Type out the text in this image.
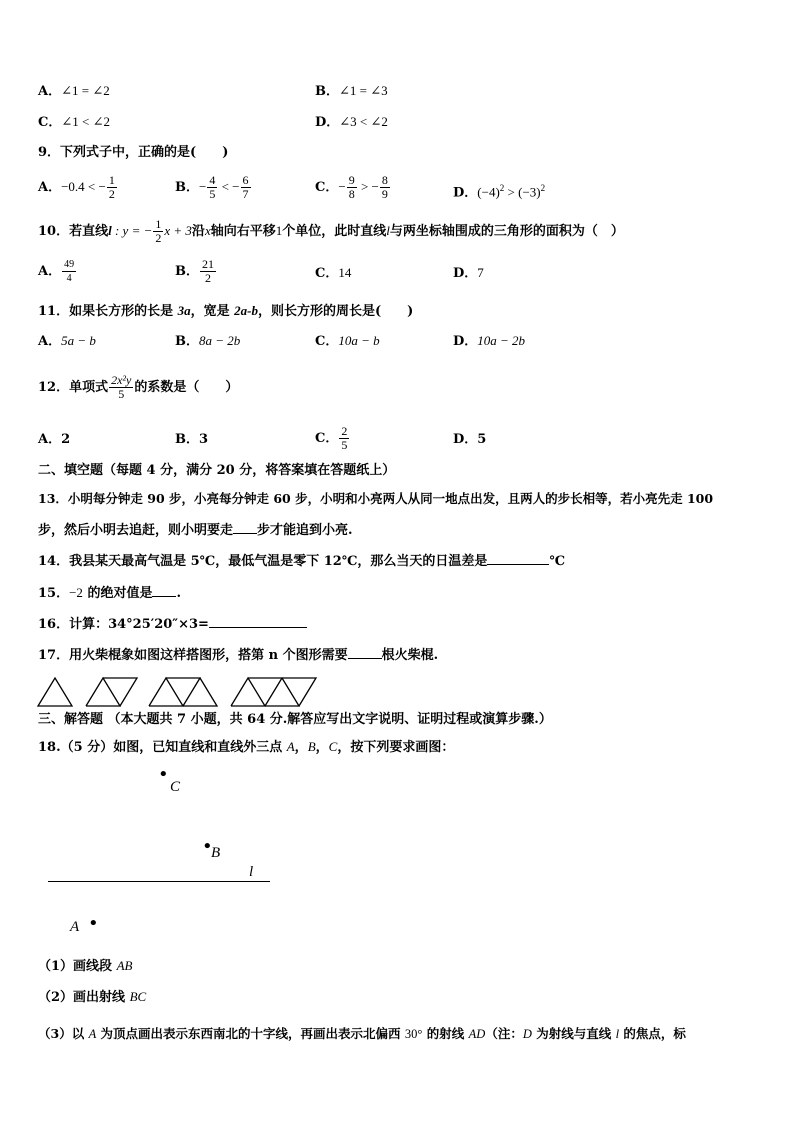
A．∠1 = ∠2	B．∠1 = ∠3
C．∠1 < ∠2	D．∠3 < ∠2
9．下列式子中，正确的是(　　)
A．−0.4 < − $\frac{1}{2}$	B．− $\frac{4}{5}$ < − $\frac{6}{7}$	C．− $\frac{9}{8}$ > − $\frac{8}{9}$	D．$(-4)^2 > (-3)^2$
10．若直线l : y = − $\frac{1}{2}$ x + 3沿x轴向右平移1个单位，此时直线l与两坐标轴围成的三角形的面积为（　）
A． $\frac{49}{4}$	B． $\frac{21}{2}$	C．14	D．7
11．如果长方形的长是 3a，宽是 2a-b，则长方形的周长是(　　)
A．5a − b	B．8a − 2b	C．10a − b	D．10a − 2b
12．单项式 $\frac{\text{2x²y}}{5}$ 的系数是（　　）
A．2	B．3	C． $\frac{2}{5}$	D．5
二、填空题（每题 4 分，满分 20 分，将答案填在答题纸上）
13．小明每分钟走 90 步，小亮每分钟走 60 步，小明和小亮两人从同一地点出发，且两人的步长相等，若小亮先走 100
步，然后小明去追赶，则小明要走 步才能追到小亮.
14．我县某天最高气温是 5℃，最低气温是零下 12℃，那么当天的日温差是	℃
15．−2 的绝对值是 .
16．计算：34°25′20″×3=
17．用火柴棍象如图这样搭图形，搭第 n 个图形需要	根火柴棍.
三、解答题 （本大题共 7 小题，共 64 分.解答应写出文字说明、证明过程或演算步骤.）
18.（5 分）如图，已知直线和直线外三点 A，B，C，按下列要求画图：
•
C
•
B
l
A •
（1）画线段 AB
（2）画出射线 BC
（3）以 A 为顶点画出表示东西南北的十字线，再画出表示北偏西 30° 的射线 AD（注：D 为射线与直线 l 的焦点，标
